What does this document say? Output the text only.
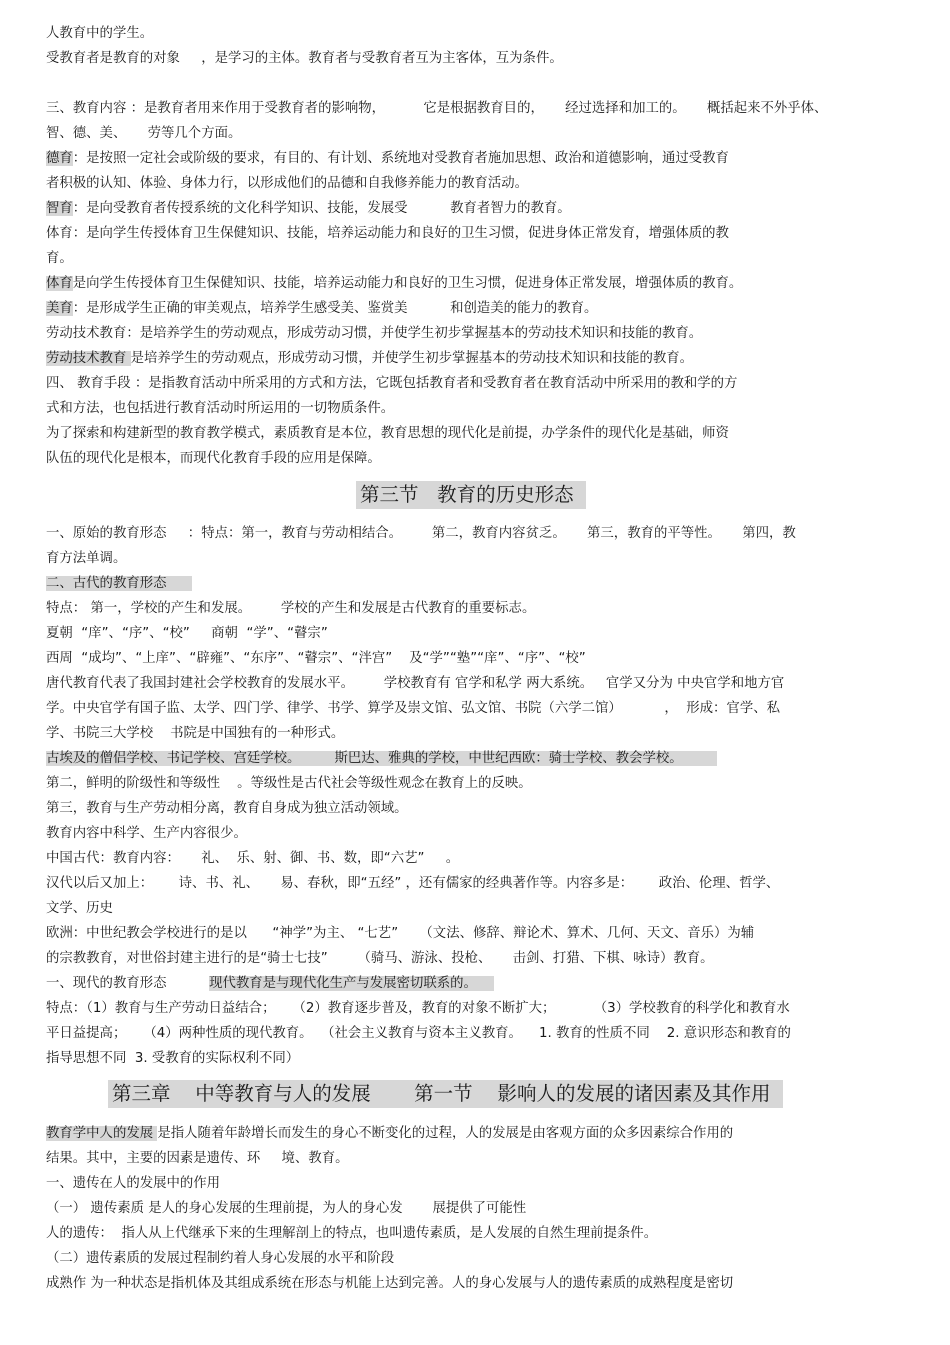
人教育中的学生。
受教育者是教育的对象     ，是学习的主体。教育者与受教育者互为主客体，互为条件。
三、教育内容 ：是教育者用来作用于受教育者的影响物，         它是根据教育目的，     经过选择和加工的。     概括起来不外乎体、
智、德、美、     劳等几个方面。
德育：是按照一定社会或阶级的要求，有目的、有计划、系统地对受教育者施加思想、政治和道德影响，通过受教育
者积极的认知、体验、身体力行，以形成他们的品德和自我修养能力的教育活动。
智育：是向受教育者传授系统的文化科学知识、技能，发展受          教育者智力的教育。
体育：是向学生传授体育卫生保健知识、技能，培养运动能力和良好的卫生习惯，促进身体正常发育，增强体质的教
育。
体育是向学生传授体育卫生保健知识、技能，培养运动能力和良好的卫生习惯，促进身体正常发展，增强体质的教育。
美育：是形成学生正确的审美观点，培养学生感受美、鉴赏美          和创造美的能力的教育。
劳动技术教育：是培养学生的劳动观点，形成劳动习惯，并使学生初步掌握基本的劳动技术知识和技能的教育。
劳动技术教育 是培养学生的劳动观点，形成劳动习惯，并使学生初步掌握基本的劳动技术知识和技能的教育。
四、 教育手段 ：是指教育活动中所采用的方式和方法，它既包括教育者和受教育者在教育活动中所采用的教和学的方
式和方法，也包括进行教育活动时所运用的一切物质条件。
为了探索和构建新型的教育教学模式，素质教育是本位，教育思想的现代化是前提，办学条件的现代化是基础，师资
队伍的现代化是根本，而现代化教育手段的应用是保障。
第三节   教育的历史形态
一、原始的教育形态     ：特点：第一，教育与劳动相结合。       第二，教育内容贫乏。     第三，教育的平等性。     第四，教
育方法单调。
二、古代的教育形态
特点： 第一，学校的产生和发展。       学校的产生和发展是古代教育的重要标志。
夏朝  “庠”、“序”、“校”     商朝  “学”、“瞽宗”
西周  “成均”、“上庠”、“辟雍”、“东序”、“瞽宗”、“泮宫”    及“学”“塾”“庠”、“序”、“校”
唐代教育代表了我国封建社会学校教育的发展水平。       学校教育有 官学和私学 两大系统。   官学又分为 中央官学和地方官
学。中央官学有国子监、太学、四门学、律学、书学、算学及崇文馆、弘文馆、书院（六学二馆）          ，  形成：官学、私
学、书院三大学校    书院是中国独有的一种形式。
古埃及的僧侣学校、书记学校、宫廷学校。        斯巴达、雅典的学校，中世纪西欧：骑士学校、教会学校。
第二，鲜明的阶级性和等级性    。等级性是古代社会等级性观念在教育上的反映。
第三，教育与生产劳动相分离，教育自身成为独立活动领域。
教育内容中科学、生产内容很少。
中国古代：教育内容：     礼、  乐、射、御、书、数，即“六艺”     。
汉代以后又加上：      诗、书、礼、     易、春秋，即“五经” ，还有儒家的经典著作等。内容多是：      政治、伦理、哲学、
文学、历史
欧洲：中世纪教会学校进行的是以      “神学”为主、 “七艺”     （文法、修辞、辩论术、算术、几何、天文、音乐）为辅
的宗教教育，对世俗封建主进行的是“骑士七技”       （骑马、游泳、投枪、     击剑、打猎、下棋、咏诗）教育。
一、现代的教育形态          现代教育是与现代化生产与发展密切联系的。
特点：（1）教育与生产劳动日益结合；    （2）教育逐步普及，教育的对象不断扩大；         （3）学校教育的科学化和教育水
平日益提高；    （4）两种性质的现代教育。  （社会主义教育与资本主义教育。    1. 教育的性质不同    2. 意识形态和教育的
指导思想不同  3. 受教育的实际权利不同）
第三章    中等教育与人的发展       第一节    影响人的发展的诸因素及其作用
教育学中人的发展 是指人随着年龄增长而发生的身心不断变化的过程，人的发展是由客观方面的众多因素综合作用的
结果。其中，主要的因素是遗传、环     境、教育。
一、遗传在人的发展中的作用
（一） 遗传素质 是人的身心发展的生理前提，为人的身心发       展提供了可能性
人的遗传：  指人从上代继承下来的生理解剖上的特点，也叫遗传素质，是人发展的自然生理前提条件。
（二）遗传素质的发展过程制约着人身心发展的水平和阶段
成熟作 为一种状态是指机体及其组成系统在形态与机能上达到完善。人的身心发展与人的遗传素质的成熟程度是密切
